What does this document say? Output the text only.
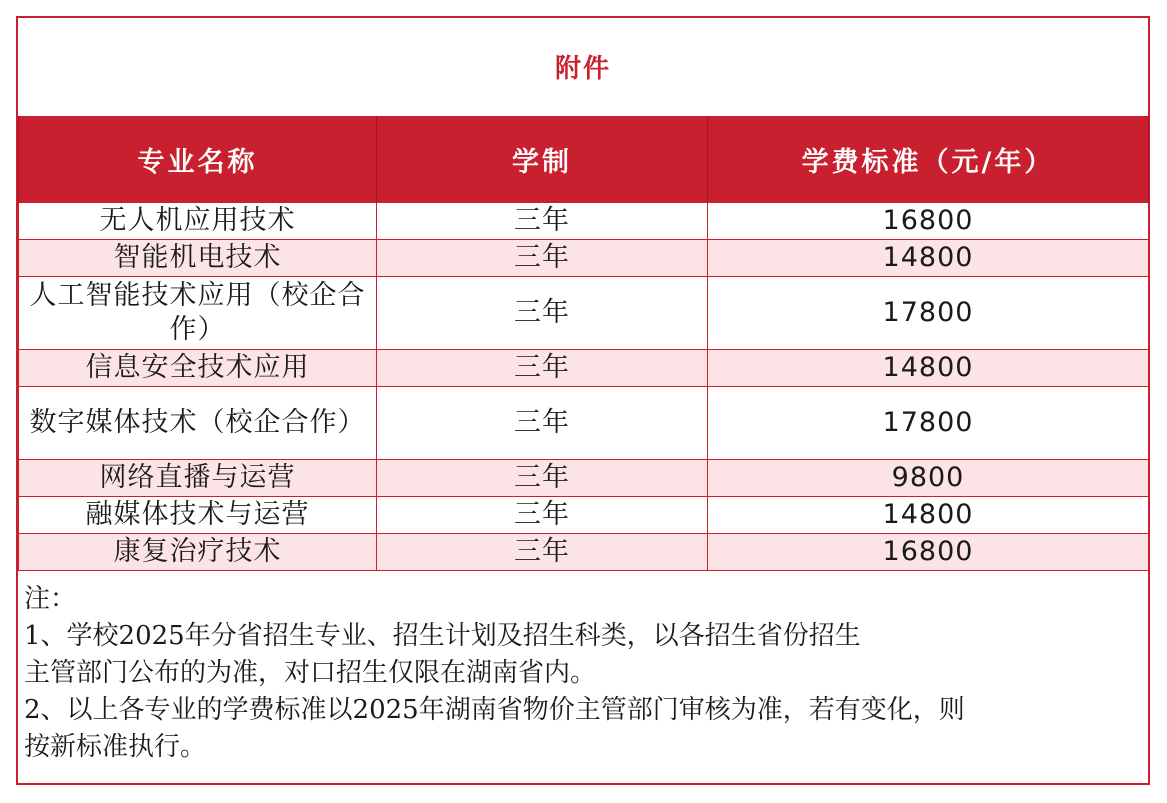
附件
专业名称	学制	学费标准（元/年）
无人机应用技术	三年	16800
智能机电技术	三年	14800
人工智能技术应用（校企合作）	三年	17800
信息安全技术应用	三年	14800
数字媒体技术（校企合作）	三年	17800
网络直播与运营	三年	9800
融媒体技术与运营	三年	14800
康复治疗技术	三年	16800
注：
1、学校2025年分省招生专业、招生计划及招生科类，以各招生省份招生
主管部门公布的为准，对口招生仅限在湖南省内。
2、以上各专业的学费标准以2025年湖南省物价主管部门审核为准，若有变化，则
按新标准执行。
